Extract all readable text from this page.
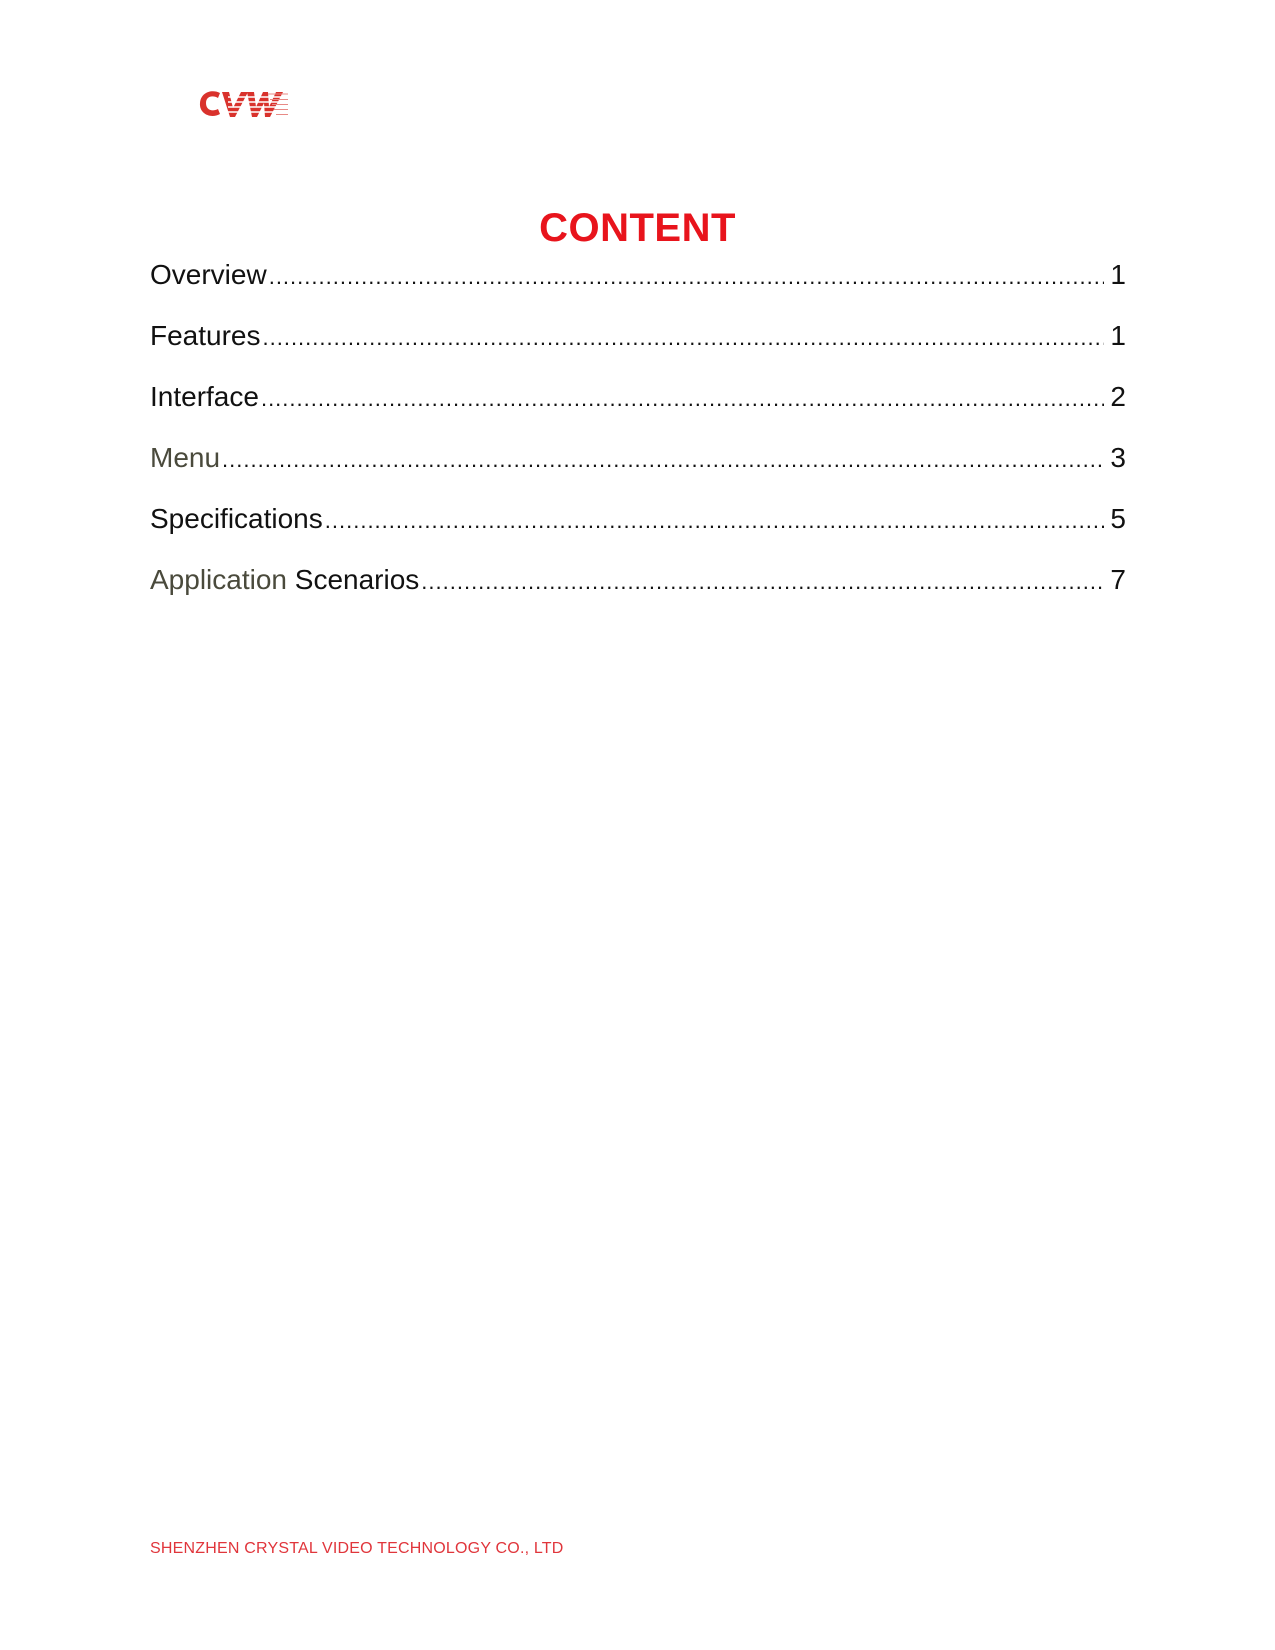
CONTENT
Overview .....	1
Features .....	1
Interface .....	2
Menu .....	3
Specifications .....	5
Application Scenarios .....	7

SHENZHEN CRYSTAL VIDEO TECHNOLOGY CO., LTD
